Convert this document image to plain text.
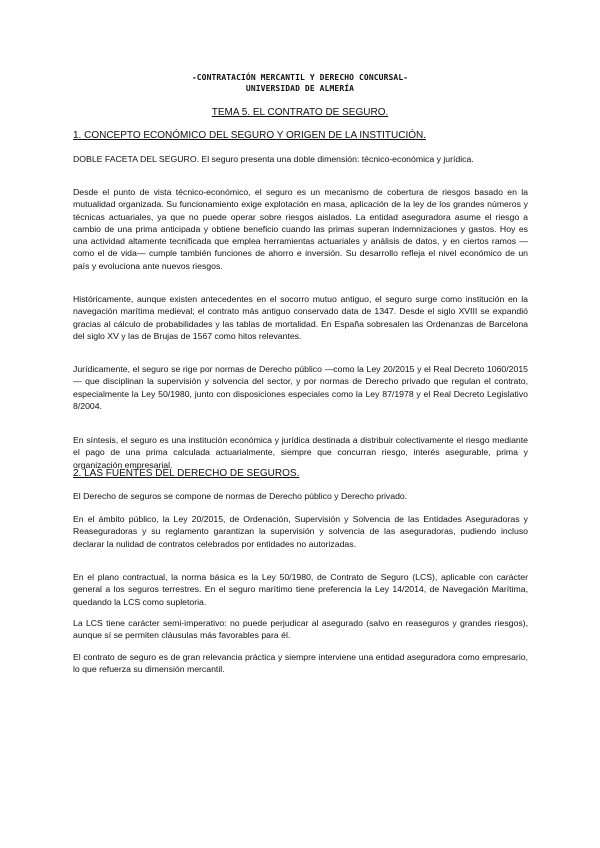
-CONTRATACIÓN MERCANTIL Y DERECHO CONCURSAL-
UNIVERSIDAD DE ALMERÍA
TEMA 5. EL CONTRATO DE SEGURO.
1. CONCEPTO ECONÓMICO DEL SEGURO Y ORIGEN DE LA INSTITUCIÓN.

DOBLE FACETA DEL SEGURO. El seguro presenta una doble dimensión: técnico-económica y jurídica.

Desde el punto de vista técnico-económico, el seguro es un mecanismo de cobertura de riesgos basado en la mutualidad organizada. Su funcionamiento exige explotación en masa, aplicación de la ley de los grandes números y técnicas actuariales, ya que no puede operar sobre riesgos aislados. La entidad aseguradora asume el riesgo a cambio de una prima anticipada y obtiene beneficio cuando las primas superan indemnizaciones y gastos. Hoy es una actividad altamente tecnificada que emplea herramientas actuariales y análisis de datos, y en ciertos ramos —como el de vida— cumple también funciones de ahorro e inversión. Su desarrollo refleja el nivel económico de un país y evoluciona ante nuevos riesgos.

Históricamente, aunque existen antecedentes en el socorro mutuo antiguo, el seguro surge como institución en la navegación marítima medieval; el contrato más antiguo conservado data de 1347. Desde el siglo XVIII se expandió gracias al cálculo de probabilidades y las tablas de mortalidad. En España sobresalen las Ordenanzas de Barcelona del siglo XV y las de Brujas de 1567 como hitos relevantes.

Jurídicamente, el seguro se rige por normas de Derecho público —como la Ley 20/2015 y el Real Decreto 1060/2015— que disciplinan la supervisión y solvencia del sector, y por normas de Derecho privado que regulan el contrato, especialmente la Ley 50/1980, junto con disposiciones especiales como la Ley 87/1978 y el Real Decreto Legislativo 8/2004.

En síntesis, el seguro es una institución económica y jurídica destinada a distribuir colectivamente el riesgo mediante el pago de una prima calculada actuarialmente, siempre que concurran riesgo, interés asegurable, prima y organización empresarial.

2. LAS FUENTES DEL DERECHO DE SEGUROS.

El Derecho de seguros se compone de normas de Derecho público y Derecho privado.

En el ámbito público, la Ley 20/2015, de Ordenación, Supervisión y Solvencia de las Entidades Aseguradoras y Reaseguradoras y su reglamento garantizan la supervisión y solvencia de las aseguradoras, pudiendo incluso declarar la nulidad de contratos celebrados por entidades no autorizadas.

En el plano contractual, la norma básica es la Ley 50/1980, de Contrato de Seguro (LCS), aplicable con carácter general a los seguros terrestres. En el seguro marítimo tiene preferencia la Ley 14/2014, de Navegación Marítima, quedando la LCS como supletoria.

La LCS tiene carácter semi-imperativo: no puede perjudicar al asegurado (salvo en reaseguros y grandes riesgos), aunque sí se permiten cláusulas más favorables para él.

El contrato de seguro es de gran relevancia práctica y siempre interviene una entidad aseguradora como empresario, lo que refuerza su dimensión mercantil.
